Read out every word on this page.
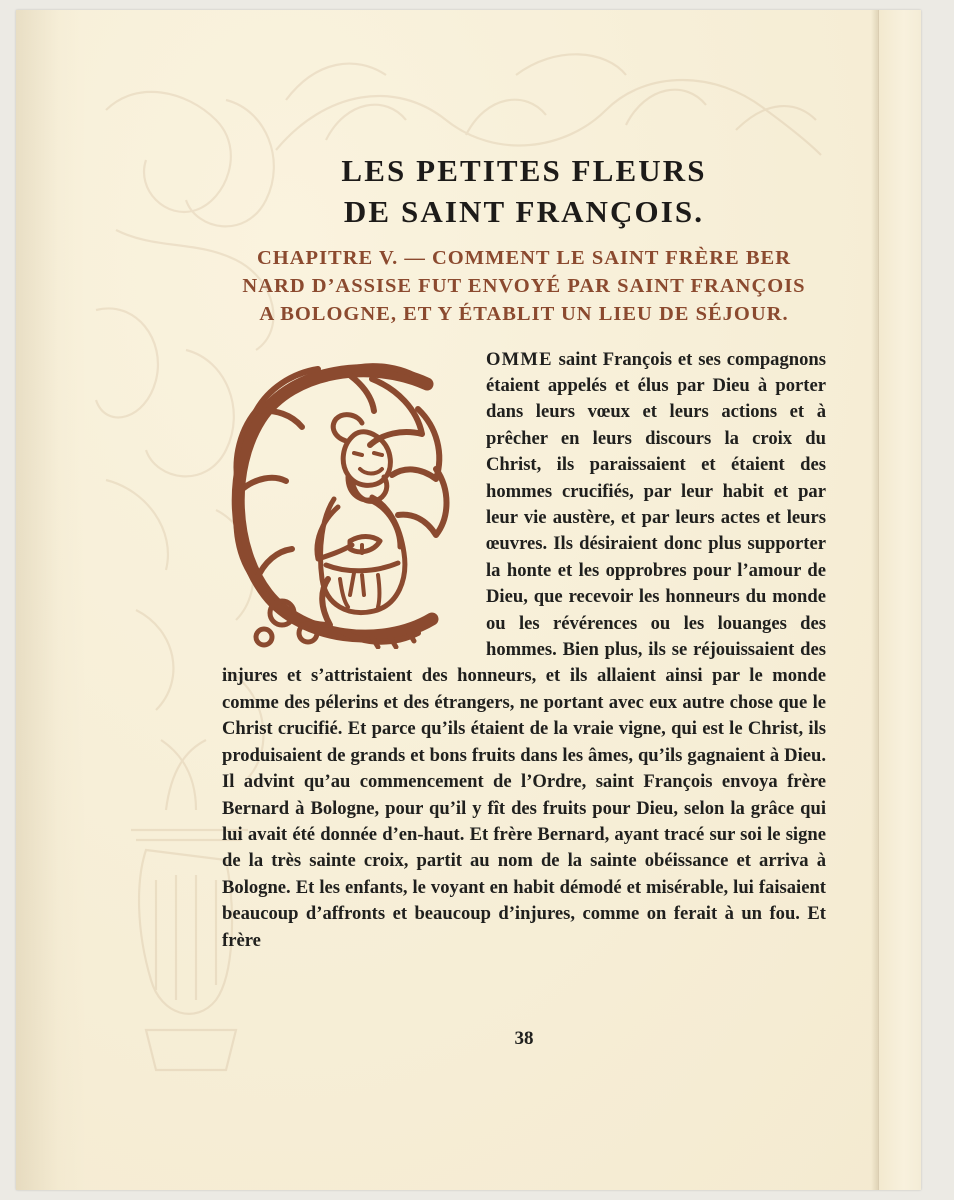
LES PETITES FLEURS
DE SAINT FRANÇOIS.
CHAPITRE V. — COMMENT LE SAINT FRÈRE BER
NARD D’ASSISE FUT ENVOYÉ PAR SAINT FRANÇOIS
A BOLOGNE, ET Y ÉTABLIT UN LIEU DE SÉJOUR.

OMME saint François et ses compagnons étaient appelés et élus par Dieu à porter dans leurs vœux et leurs actions et à prêcher en leurs discours la croix du Christ, ils paraissaient et étaient des hommes crucifiés, par leur habit et par leur vie austère, et par leurs actes et leurs œuvres. Ils désiraient donc plus supporter la honte et les opprobres pour l’amour de Dieu, que recevoir les honneurs du monde ou les révérences ou les louanges des hommes. Bien plus, ils se réjouissaient des injures et s’attristaient des honneurs, et ils allaient ainsi par le monde comme des pélerins et des étrangers, ne portant avec eux autre chose que le Christ crucifié. Et parce qu’ils étaient de la vraie vigne, qui est le Christ, ils produisaient de grands et bons fruits dans les âmes, qu’ils gagnaient à Dieu. Il advint qu’au commencement de l’Ordre, saint François envoya frère Bernard à Bologne, pour qu’il y fît des fruits pour Dieu, selon la grâce qui lui avait été donnée d’en-haut. Et frère Bernard, ayant tracé sur soi le signe de la très sainte croix, partit au nom de la sainte obéissance et arriva à Bologne. Et les enfants, le voyant en habit démodé et misérable, lui faisaient beaucoup d’affronts et beaucoup d’injures, comme on ferait à un fou. Et frère

38
